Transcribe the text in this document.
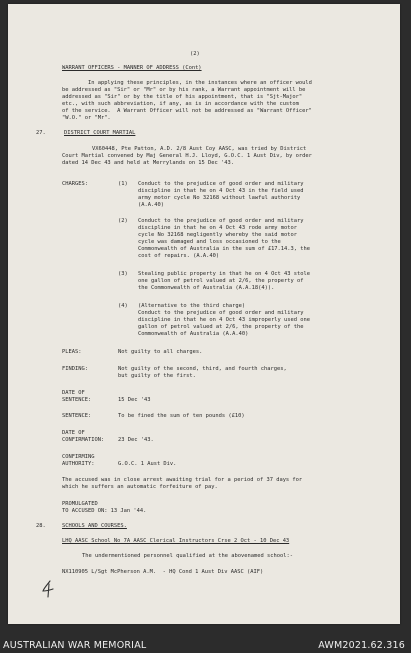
(2)
WARRANT OFFICERS - MANNER OF ADDRESS (Cont)
In applying these principles, in the instances where an officer would
be addressed as "Sir" or "Mr" or by his rank, a Warrant appointment will be
addressed as "Sir" or by the title of his appointment, that is "Sjt-Major"
etc., with such abbreviation, if any, as is in accordance with the custom
of the service.  A Warrant Officer will not be addressed as "Warrant Officer"
"W.O." or "Mr".
27.	DISTRICT COURT MARTIAL
VX60448, Pte Patton, A.D. 2/8 Aust Coy AASC, was tried by District
Court Martial convened by Maj General H.J. Lloyd, G.O.C. 1 Aust Div, by order
dated 14 Dec 43 and held at Merrylands on 15 Dec '43.
CHARGES:	(1) Conduct to the prejudice of good order and military
discipline in that he on 4 Oct 43 in the field used
army motor cycle No 32168 without lawful authority
(A.A.40)
(2) Conduct to the prejudice of good order and military
discipline in that he on 4 Oct 43 rode army motor
cycle No 32168 negligently whereby the said motor
cycle was damaged and loss occasioned to the
Commonwealth of Australia in the sum of £17.14.3, the
cost of repairs. (A.A.40)
(3) Stealing public property in that he on 4 Oct 43 stole
one gallon of petrol valued at 2/6, the property of
the Commonwealth of Australia (A.A.18(4)).
(4) (Alternative to the third charge)
Conduct to the prejudice of good order and military
discipline in that he on 4 Oct 43 improperly used one
gallon of petrol valued at 2/6, the property of the
Commonwealth of Australia (A.A.40)
PLEAS:	Not guilty to all charges.
FINDING:	Not guilty of the second, third, and fourth charges,
but guilty of the first.
DATE OF
SENTENCE:	15 Dec '43
SENTENCE:	To be fined the sum of ten pounds (£10)
DATE OF
CONFIRMATION:	23 Dec '43.
CONFIRMING
AUTHORITY:	G.O.C. 1 Aust Div.
The accused was in close arrest awaiting trial for a period of 37 days for
which he suffers an automatic forfeiture of pay.
PROMULGATED
TO ACCUSED ON: 13 Jan '44.
28.	SCHOOLS AND COURSES.
LHQ AASC School No 7A AASC Clerical Instructors Crse 2 Oct - 10 Dec 43
The undermentioned personnel qualified at the abovenamed school:-
NX110905 L/Sgt McPherson A.M.  - HQ Cond 1 Aust Div AASC (AIF)
AUSTRALIAN WAR MEMORIAL	AWM2021.62.316
